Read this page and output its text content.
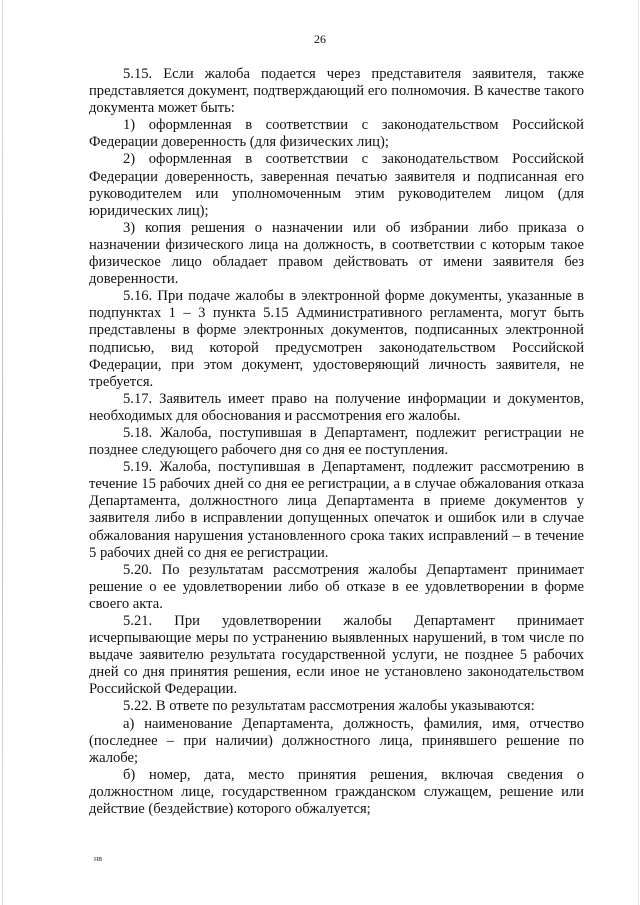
26

5.15. Если жалоба подается через представителя заявителя, также представляется документ, подтверждающий его полномочия. В качестве такого документа может быть:

1) оформленная в соответствии с законодательством Российской Федерации доверенность (для физических лиц);

2) оформленная в соответствии с законодательством Российской Федерации доверенность, заверенная печатью заявителя и подписанная его руководителем или уполномоченным этим руководителем лицом (для юридических лиц);

3) копия решения о назначении или об избрании либо приказа о назначении физического лица на должность, в соответствии с которым такое физическое лицо обладает правом действовать от имени заявителя без доверенности.

5.16. При подаче жалобы в электронной форме документы, указанные в подпунктах 1 – 3 пункта 5.15 Административного регламента, могут быть представлены в форме электронных документов, подписанных электронной подписью, вид которой предусмотрен законодательством Российской Федерации, при этом документ, удостоверяющий личность заявителя, не требуется.

5.17. Заявитель имеет право на получение информации и документов, необходимых для обоснования и рассмотрения его жалобы.

5.18. Жалоба, поступившая в Департамент, подлежит регистрации не позднее следующего рабочего дня со дня ее поступления.

5.19. Жалоба, поступившая в Департамент, подлежит рассмотрению в течение 15 рабочих дней со дня ее регистрации, а в случае обжалования отказа Департамента, должностного лица Департамента в приеме документов у заявителя либо в исправлении допущенных опечаток и ошибок или в случае обжалования нарушения установленного срока таких исправлений – в течение 5 рабочих дней со дня ее регистрации.

5.20. По результатам рассмотрения жалобы Департамент принимает решение о ее удовлетворении либо об отказе в ее удовлетворении в форме своего акта.

5.21. При удовлетворении жалобы Департамент принимает исчерпывающие меры по устранению выявленных нарушений, в том числе по выдаче заявителю результата государственной услуги, не позднее 5 рабочих дней со дня принятия решения, если иное не установлено законодательством Российской Федерации.

5.22. В ответе по результатам рассмотрения жалобы указываются:

а) наименование Департамента, должность, фамилия, имя, отчество (последнее – при наличии) должностного лица, принявшего решение по жалобе;

б) номер, дата, место принятия решения, включая сведения о должностном лице, государственном гражданском служащем, решение или действие (бездействие) которого обжалуется;

нв
